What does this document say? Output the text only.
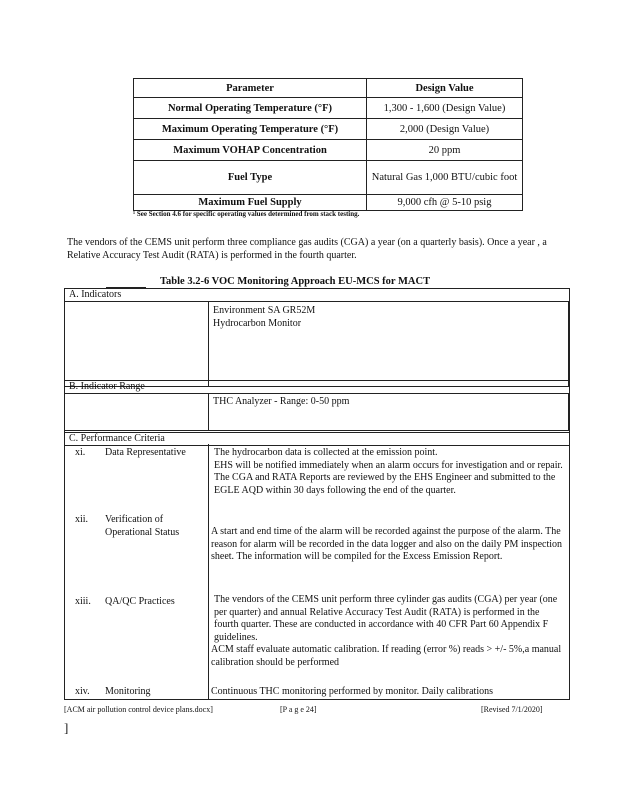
Parameter	Design Value
Normal Operating Temperature (°F)	1,300 - 1,600 (Design Value)
Maximum Operating Temperature (°F)	2,000 (Design Value)
Maximum VOHAP Concentration	20 ppm
Fuel Type	Natural Gas 1,000 BTU/cubic foot
Maximum Fuel Supply	9,000 cfh @ 5-10 psig
¹ See Section 4.6 for specific operating values determined from stack testing.
The vendors of the CEMS unit perform three compliance gas audits (CGA) a year (on a quarterly basis). Once a year , a Relative Accuracy Test Audit (RATA) is performed in the fourth quarter.
Table 3.2-6 VOC Monitoring Approach EU-MCS for MACT
A. Indicators
Environment SA GR52M
Hydrocarbon Monitor
B. Indicator Range
THC Analyzer - Range: 0-50 ppm
C. Performance Criteria
xi. Data Representative	The hydrocarbon data is collected at the emission point.
EHS will be notified immediately when an alarm occurs for investigation and or repair. The CGA and RATA Reports are reviewed by the EHS Engineer and submitted to the EGLE AQD within 30 days following the end of the quarter.
xii. Verification of Operational Status	A start and end time of the alarm will be recorded against the purpose of the alarm. The reason for alarm will be recorded in the data logger and also on the daily PM inspection sheet. The information will be compiled for the Excess Emission Report.
xiii. QA/QC Practices	The vendors of the CEMS unit perform three cylinder gas audits (CGA) per year (one per quarter) and annual Relative Accuracy Test Audit (RATA) is performed in the fourth quarter. These are conducted in accordance with 40 CFR Part 60 Appendix F guidelines.
ACM staff evaluate automatic calibration. If reading (error %) reads > +/- 5%,a manual calibration should be performed
xiv. Monitoring	Continuous THC monitoring performed by monitor. Daily calibrations
[ACM air pollution control device plans.docx]	[P a g e 24]	[Revised 7/1/2020]
]
